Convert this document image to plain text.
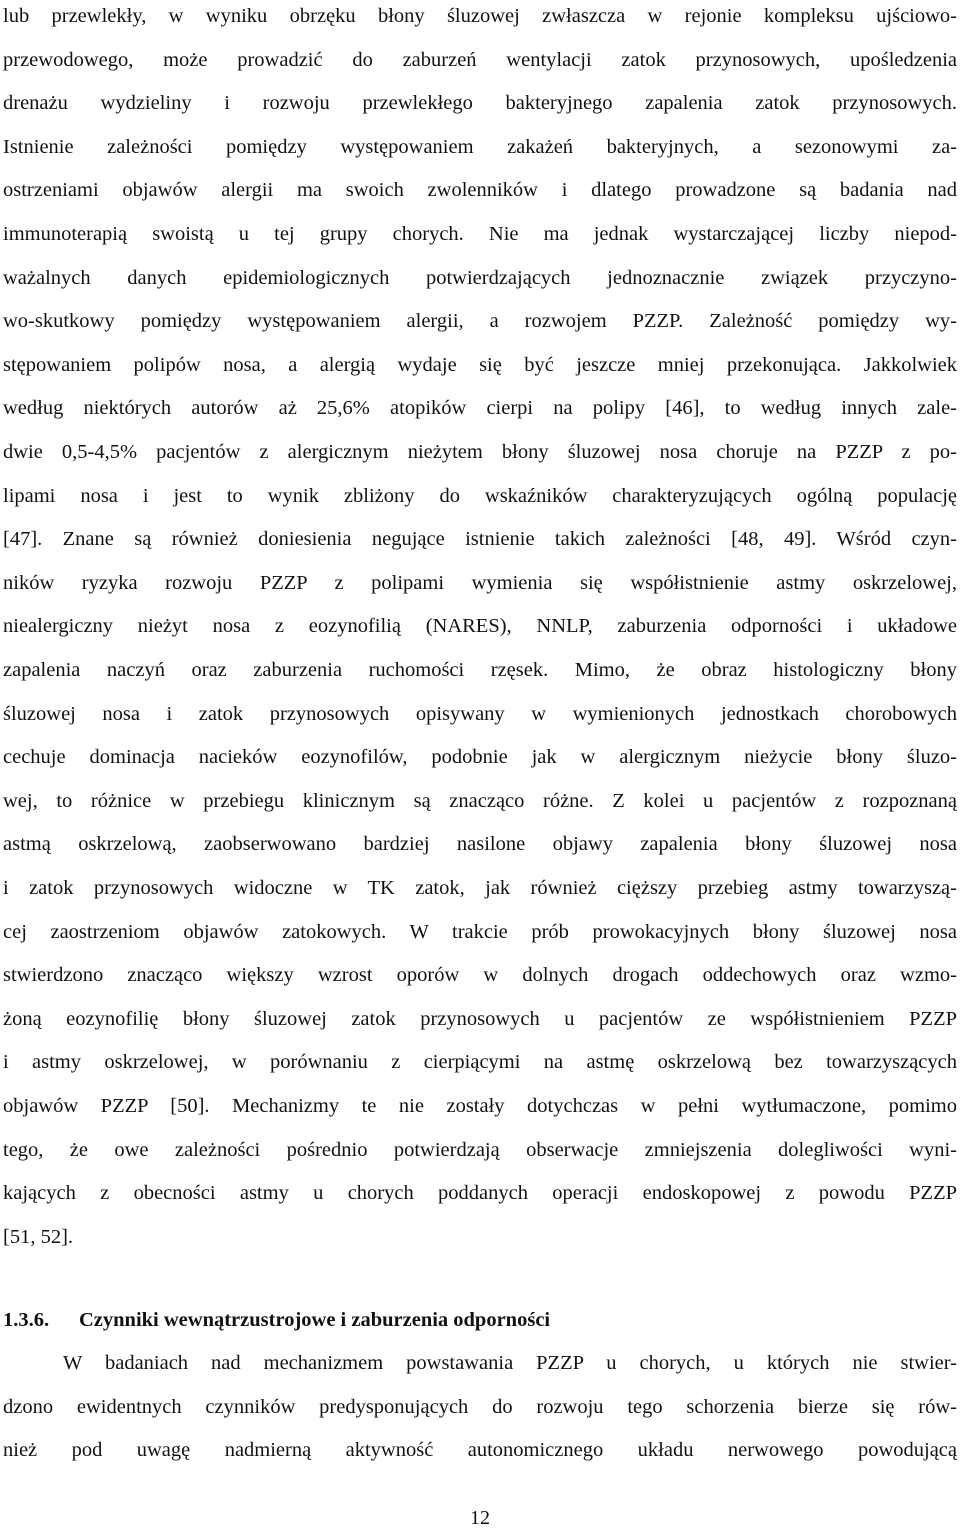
lub przewlekły, w wyniku obrzęku błony śluzowej zwłaszcza w rejonie kompleksu ujściowo-

przewodowego, może prowadzić do zaburzeń wentylacji zatok przynosowych, upośledzenia

drenażu wydzieliny i rozwoju przewlekłego bakteryjnego zapalenia zatok przynosowych.

Istnienie zależności pomiędzy występowaniem zakażeń bakteryjnych, a sezonowymi za-

ostrzeniami objawów alergii ma swoich zwolenników i dlatego prowadzone są badania nad

immunoterapią swoistą u tej grupy chorych. Nie ma jednak wystarczającej liczby niepod-

ważalnych danych epidemiologicznych potwierdzających jednoznacznie związek przyczyno-

wo-skutkowy pomiędzy występowaniem alergii, a rozwojem PZZP. Zależność pomiędzy wy-

stępowaniem polipów nosa, a alergią wydaje się być jeszcze mniej przekonująca. Jakkolwiek

według niektórych autorów aż 25,6% atopików cierpi na polipy [46], to według innych zale-

dwie 0,5-4,5% pacjentów z alergicznym nieżytem błony śluzowej nosa choruje na PZZP z po-

lipami nosa i jest to wynik zbliżony do wskaźników charakteryzujących ogólną populację

[47]. Znane są również doniesienia negujące istnienie takich zależności [48, 49]. Wśród czyn-

ników ryzyka rozwoju PZZP z polipami wymienia się współistnienie astmy oskrzelowej,

niealergiczny nieżyt nosa z eozynofilią (NARES), NNLP, zaburzenia odporności i układowe

zapalenia naczyń oraz zaburzenia ruchomości rzęsek. Mimo, że obraz histologiczny błony

śluzowej nosa i zatok przynosowych opisywany w wymienionych jednostkach chorobowych

cechuje dominacja nacieków eozynofilów, podobnie jak w alergicznym nieżycie błony śluzo-

wej, to różnice w przebiegu klinicznym są znacząco różne. Z kolei u pacjentów z rozpoznaną

astmą oskrzelową, zaobserwowano bardziej nasilone objawy zapalenia błony śluzowej nosa

i zatok przynosowych widoczne w TK zatok, jak również cięższy przebieg astmy towarzyszą-

cej zaostrzeniom objawów zatokowych. W trakcie prób prowokacyjnych błony śluzowej nosa

stwierdzono znacząco większy wzrost oporów w dolnych drogach oddechowych oraz wzmo-

żoną eozynofilię błony śluzowej zatok przynosowych u pacjentów ze współistnieniem PZZP

i astmy oskrzelowej, w porównaniu z cierpiącymi na astmę oskrzelową bez towarzyszących

objawów PZZP [50]. Mechanizmy te nie zostały dotychczas w pełni wytłumaczone, pomimo

tego, że owe zależności pośrednio potwierdzają obserwacje zmniejszenia dolegliwości wyni-

kających z obecności astmy u chorych poddanych operacji endoskopowej z powodu PZZP

[51, 52].

1.3.6. Czynniki wewnątrzustrojowe i zaburzenia odporności

W badaniach nad mechanizmem powstawania PZZP u chorych, u których nie stwier-

dzono ewidentnych czynników predysponujących do rozwoju tego schorzenia bierze się rów-

nież pod uwagę nadmierną aktywność autonomicznego układu nerwowego powodującą

12
